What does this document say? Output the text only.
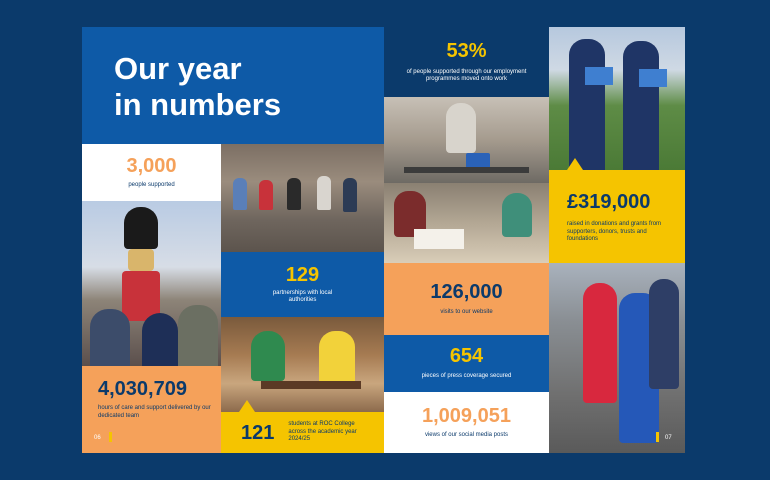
Our year
in numbers
3,000
people supported
129
partnerships with local authorities
4,030,709
hours of care and support delivered by our dedicated team
06	121 students at ROC College across the academic year 2024/25
53%
of people supported through our employment programmes moved onto work
126,000
visits to our website
654
pieces of press coverage secured
1,009,051
views of our social media posts
£319,000
raised in donations and grants from supporters, donors, trusts and foundations
07
